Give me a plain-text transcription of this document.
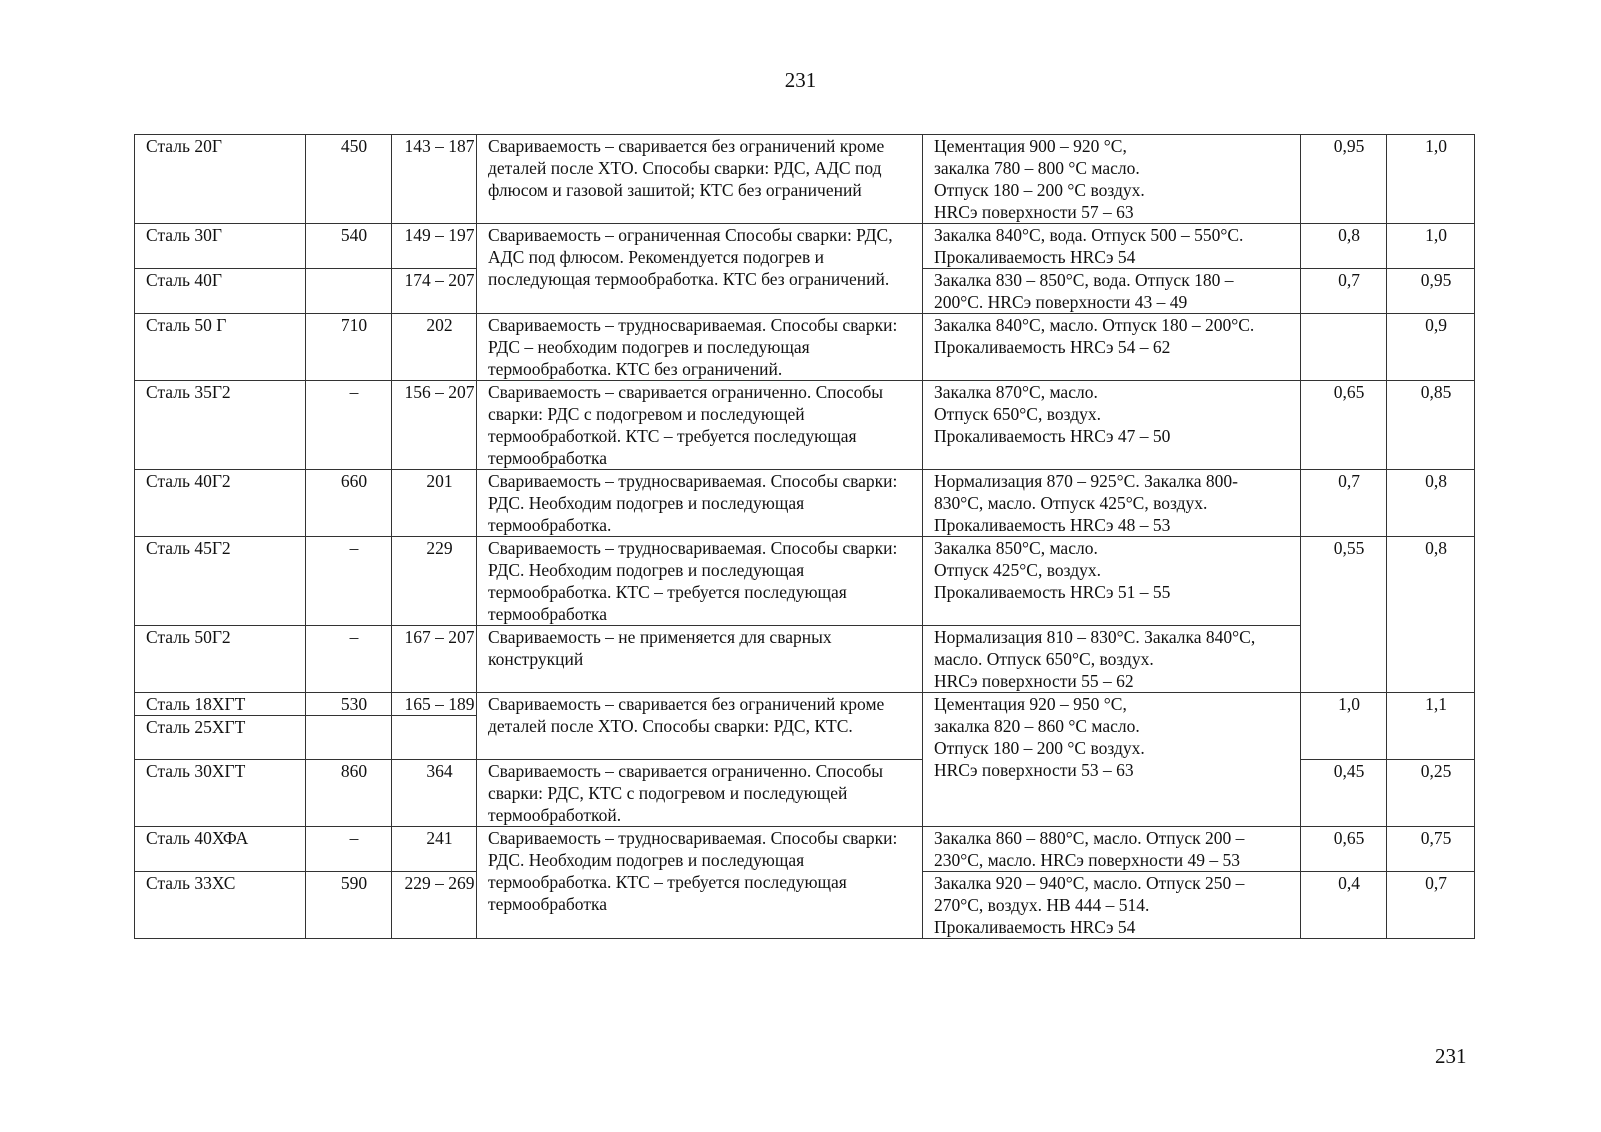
231
Сталь 20Г	450	143 – 187	Свариваемость – сваривается без ограничений кроме деталей после ХТО. Способы сварки: РДС, АДС под флюсом и газовой зашитой; КТС без ограничений	Цементация 900 – 920 °С,
закалка 780 – 800 °С масло.
Отпуск 180 – 200 °С воздух.
HRCэ поверхности 57 – 63	0,95	1,0
Сталь 30Г	540	149 – 197	Свариваемость – ограниченная Способы сварки: РДС, АДС под флюсом. Рекомендуется подогрев и последующая термообработка. КТС без ограничений.	Закалка 840°С, вода. Отпуск 500 – 550°С.
Прокаливаемость HRCэ 54	0,8	1,0
Сталь 40Г		174 – 207		Закалка 830 – 850°С, вода. Отпуск 180 –
200°С. HRCэ поверхности 43 – 49	0,7	0,95
Сталь 50 Г	710	202	Свариваемость – трудносвариваемая. Способы сварки: РДС – необходим подогрев и последующая термообработка. КТС без ограничений.	Закалка 840°С, масло. Отпуск 180 – 200°С.
Прокаливаемость HRCэ 54 – 62		0,9
Сталь 35Г2	–	156 – 207	Свариваемость – сваривается ограниченно. Способы сварки: РДС с подогревом и последующей термообработкой. КТС – требуется последующая термообработка	Закалка 870°С, масло.
Отпуск 650°С, воздух.
Прокаливаемость HRCэ 47 – 50	0,65	0,85
Сталь 40Г2	660	201	Свариваемость – трудносвариваемая. Способы сварки: РДС. Необходим подогрев и последующая термообработка.	Нормализация 870 – 925°С. Закалка 800-
830°С, масло. Отпуск 425°С, воздух.
Прокаливаемость HRCэ 48 – 53	0,7	0,8
Сталь 45Г2	–	229	Свариваемость – трудносвариваемая. Способы сварки: РДС. Необходим подогрев и последующая термообработка. КТС – требуется последующая термообработка	Закалка 850°С, масло.
Отпуск 425°С, воздух.
Прокаливаемость HRCэ 51 – 55	0,55	0,8
Сталь 50Г2	–	167 – 207	Свариваемость – не применяется для сварных конструкций	Нормализация 810 – 830°С. Закалка 840°С,
масло. Отпуск 650°С, воздух.
HRCэ поверхности 55 – 62		

Сталь 18ХГТ	530	165 – 189	Свариваемость – сваривается без ограничений кроме деталей после ХТО. Способы сварки: РДС, КТС.	Цементация 920 – 950 °С,
закалка 820 – 860 °С масло.
Отпуск 180 – 200 °С воздух.
HRCэ поверхности 53 – 63	1,0	1,1
Сталь 25ХГТ						
Сталь 30ХГТ	860	364	Свариваемость – сваривается ограниченно. Способы сварки: РДС, КТС с подогревом и последующей термообработкой.		0,45	0,25
Сталь 40ХФА	–	241	Свариваемость – трудносвариваемая. Способы сварки: РДС. Необходим подогрев и последующая термообработка. КТС – требуется последующая термообработка	Закалка 860 – 880°С, масло. Отпуск 200 –
230°С, масло. HRCэ поверхности 49 – 53	0,65	0,75
Сталь 33ХС	590	229 – 269		Закалка 920 – 940°С, масло. Отпуск 250 –
270°С, воздух. HB 444 – 514.
Прокаливаемость HRCэ 54	0,4	0,7
231
